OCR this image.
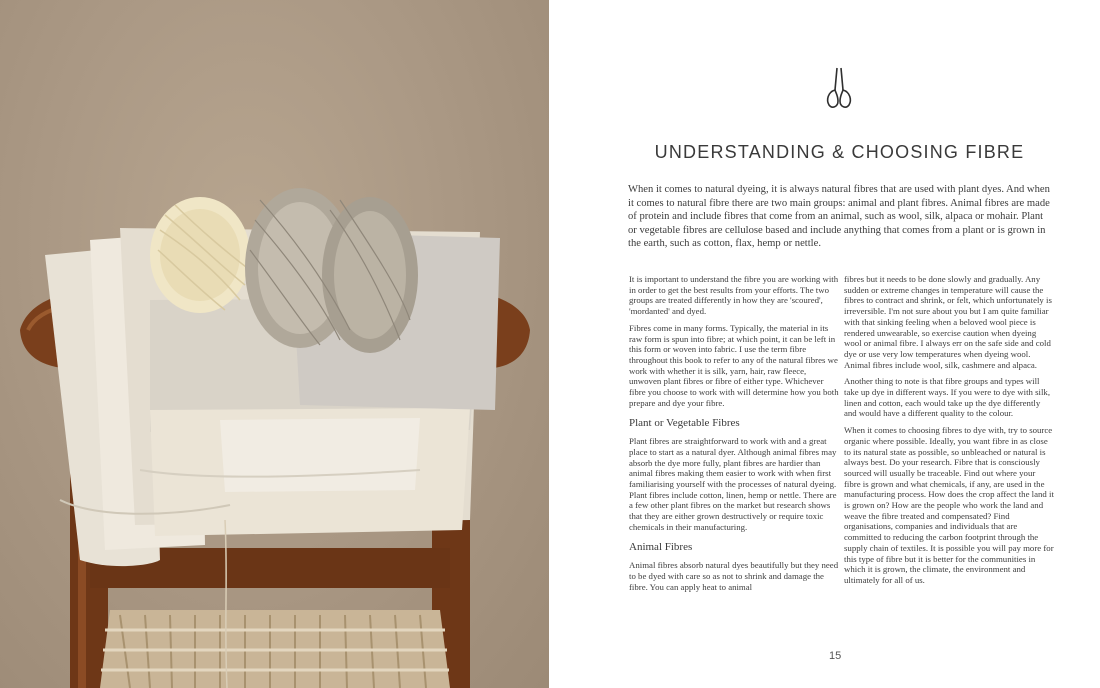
UNDERSTANDING & CHOOSING FIBRE

When it comes to natural dyeing, it is always natural fibres that are used with plant dyes. And when it comes to natural fibre there are two main groups: animal and plant fibres. Animal fibres are made of protein and include fibres that come from an animal, such as wool, silk, alpaca or mohair. Plant or vegetable fibres are cellulose based and include anything that comes from a plant or is grown in the earth, such as cotton, flax, hemp or nettle.

It is important to understand the fibre you are working with in order to get the best results from your efforts. The two groups are treated differently in how they are 'scoured', 'mordanted' and dyed.

Fibres come in many forms. Typically, the material in its raw form is spun into fibre; at which point, it can be left in this form or woven into fabric. I use the term fibre throughout this book to refer to any of the natural fibres we work with whether it is silk, yarn, hair, raw fleece, unwoven plant fibres or fibre of either type. Whichever fibre you choose to work with will determine how you both prepare and dye your fibre.

Plant or Vegetable Fibres

Plant fibres are straightforward to work with and a great place to start as a natural dyer. Although animal fibres may absorb the dye more fully, plant fibres are hardier than animal fibres making them easier to work with when first familiarising yourself with the processes of natural dyeing. Plant fibres include cotton, linen, hemp or nettle. There are a few other plant fibres on the market but research shows that they are either grown destructively or require toxic chemicals in their manufacturing.

Animal Fibres

Animal fibres absorb natural dyes beautifully but they need to be dyed with care so as not to shrink and damage the fibre. You can apply heat to animal

fibres but it needs to be done slowly and gradually. Any sudden or extreme changes in temperature will cause the fibres to contract and shrink, or felt, which unfortunately is irreversible. I'm not sure about you but I am quite familiar with that sinking feeling when a beloved wool piece is rendered unwearable, so exercise caution when dyeing wool or animal fibre. I always err on the safe side and cold dye or use very low temperatures when dyeing wool. Animal fibres include wool, silk, cashmere and alpaca.

Another thing to note is that fibre groups and types will take up dye in different ways. If you were to dye with silk, linen and cotton, each would take up the dye differently and would have a different quality to the colour.

When it comes to choosing fibres to dye with, try to source organic where possible. Ideally, you want fibre in as close to its natural state as possible, so unbleached or natural is always best. Do your research. Fibre that is consciously sourced will usually be traceable. Find out where your fibre is grown and what chemicals, if any, are used in the manufacturing process. How does the crop affect the land it is grown on? How are the people who work the land and weave the fibre treated and compensated? Find organisations, companies and individuals that are committed to reducing the carbon footprint through the supply chain of textiles. It is possible you will pay more for this type of fibre but it is better for the communities in which it is grown, the climate, the environment and ultimately for all of us.

15
